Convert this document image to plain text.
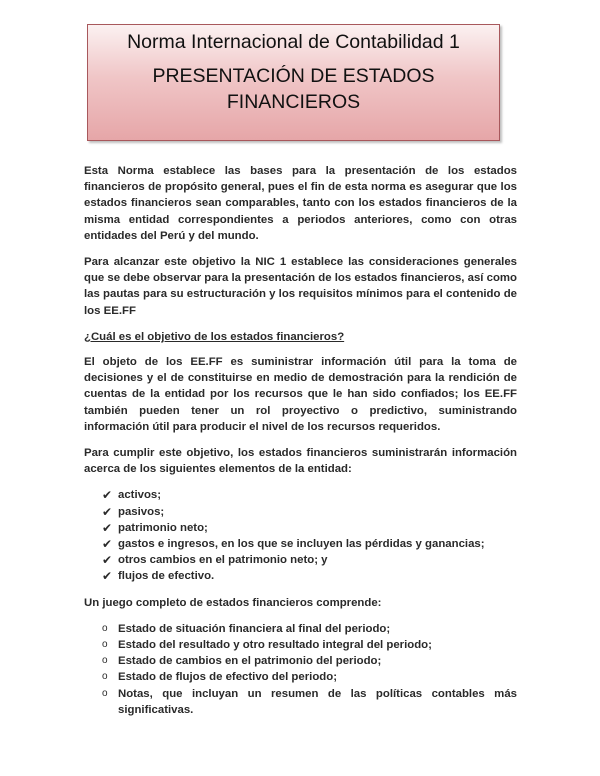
Norma Internacional de Contabilidad 1
PRESENTACIÓN DE ESTADOS
FINANCIEROS

Esta Norma establece las bases para la presentación de los estados financieros de propósito general, pues el fin de esta norma es asegurar que los estados financieros sean comparables, tanto con los estados financieros de la misma entidad correspondientes a periodos anteriores, como con otras entidades del Perú y del mundo.

Para alcanzar este objetivo la NIC 1 establece las consideraciones generales que se debe observar para la presentación de los estados financieros, así como las pautas para su estructuración y los requisitos mínimos para el contenido de los EE.FF

¿Cuál es el objetivo de los estados financieros?

El objeto de los EE.FF es suministrar información útil para la toma de decisiones y el de constituirse en medio de demostración para la rendición de cuentas de la entidad por los recursos que le han sido confiados; los EE.FF también pueden tener un rol proyectivo o predictivo, suministrando información útil para producir el nivel de los recursos requeridos.

Para cumplir este objetivo, los estados financieros suministrarán información acerca de los siguientes elementos de la entidad:

✔ activos;
✔ pasivos;
✔ patrimonio neto;
✔ gastos e ingresos, en los que se incluyen las pérdidas y ganancias;
✔ otros cambios en el patrimonio neto; y
✔ flujos de efectivo.

Un juego completo de estados financieros comprende:

o Estado de situación financiera al final del periodo;
o Estado del resultado y otro resultado integral del periodo;
o Estado de cambios en el patrimonio del periodo;
o Estado de flujos de efectivo del periodo;
o Notas, que incluyan un resumen de las políticas contables más significativas.
